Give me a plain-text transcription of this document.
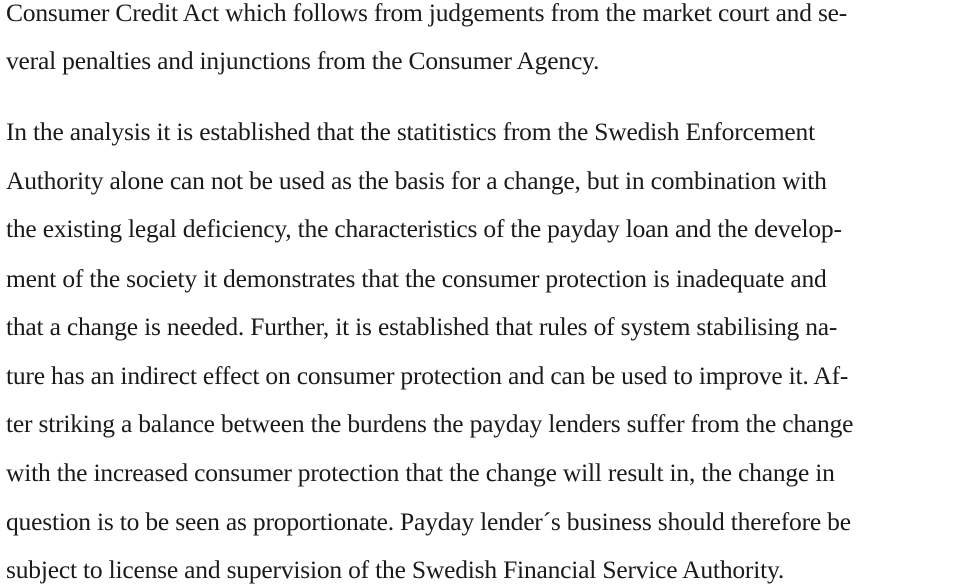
Consumer Credit Act which follows from judgements from the market court and se-
veral penalties and injunctions from the Consumer Agency.
In the analysis it is established that the statitistics from the Swedish Enforcement
Authority alone can not be used as the basis for a change, but in combination with
the existing legal deficiency, the characteristics of the payday loan and the develop-
ment of the society it demonstrates that the consumer protection is inadequate and
that a change is needed. Further, it is established that rules of system stabilising na-
ture has an indirect effect on consumer protection and can be used to improve it. Af-
ter striking a balance between the burdens the payday lenders suffer from the change
with the increased consumer protection that the change will result in, the change in
question is to be seen as proportionate. Payday lender´s business should therefore be
subject to license and supervision of the Swedish Financial Service Authority.
